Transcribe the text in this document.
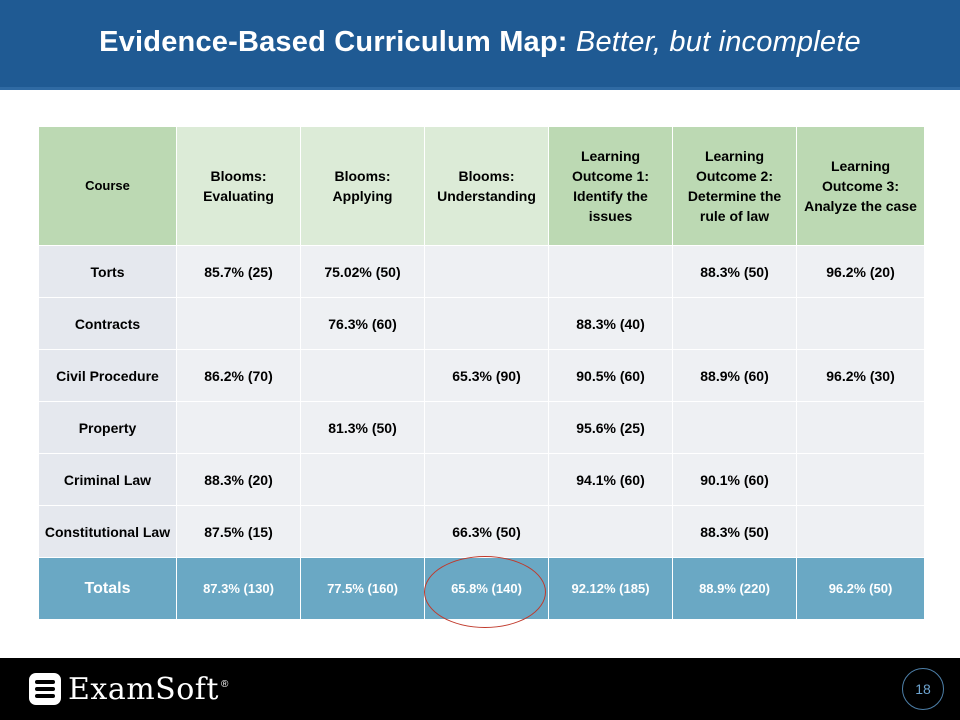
Evidence-Based Curriculum Map: Better, but incomplete
Course	Blooms: Evaluating	Blooms: Applying	Blooms: Understanding	Learning Outcome 1: Identify the issues	Learning Outcome 2: Determine the rule of law	Learning Outcome 3: Analyze the case
Torts	85.7% (25)	75.02% (50)			88.3% (50)	96.2% (20)
Contracts		76.3% (60)		88.3% (40)		
Civil Procedure	86.2% (70)		65.3% (90)	90.5% (60)	88.9% (60)	96.2% (30)
Property		81.3% (50)		95.6% (25)		
Criminal Law	88.3% (20)			94.1% (60)	90.1% (60)	
Constitutional Law	87.5% (15)		66.3% (50)		88.3% (50)	
Totals	87.3% (130)	77.5% (160)	65.8% (140)	92.12% (185)	88.9% (220)	96.2% (50)
ExamSoft ®	18
